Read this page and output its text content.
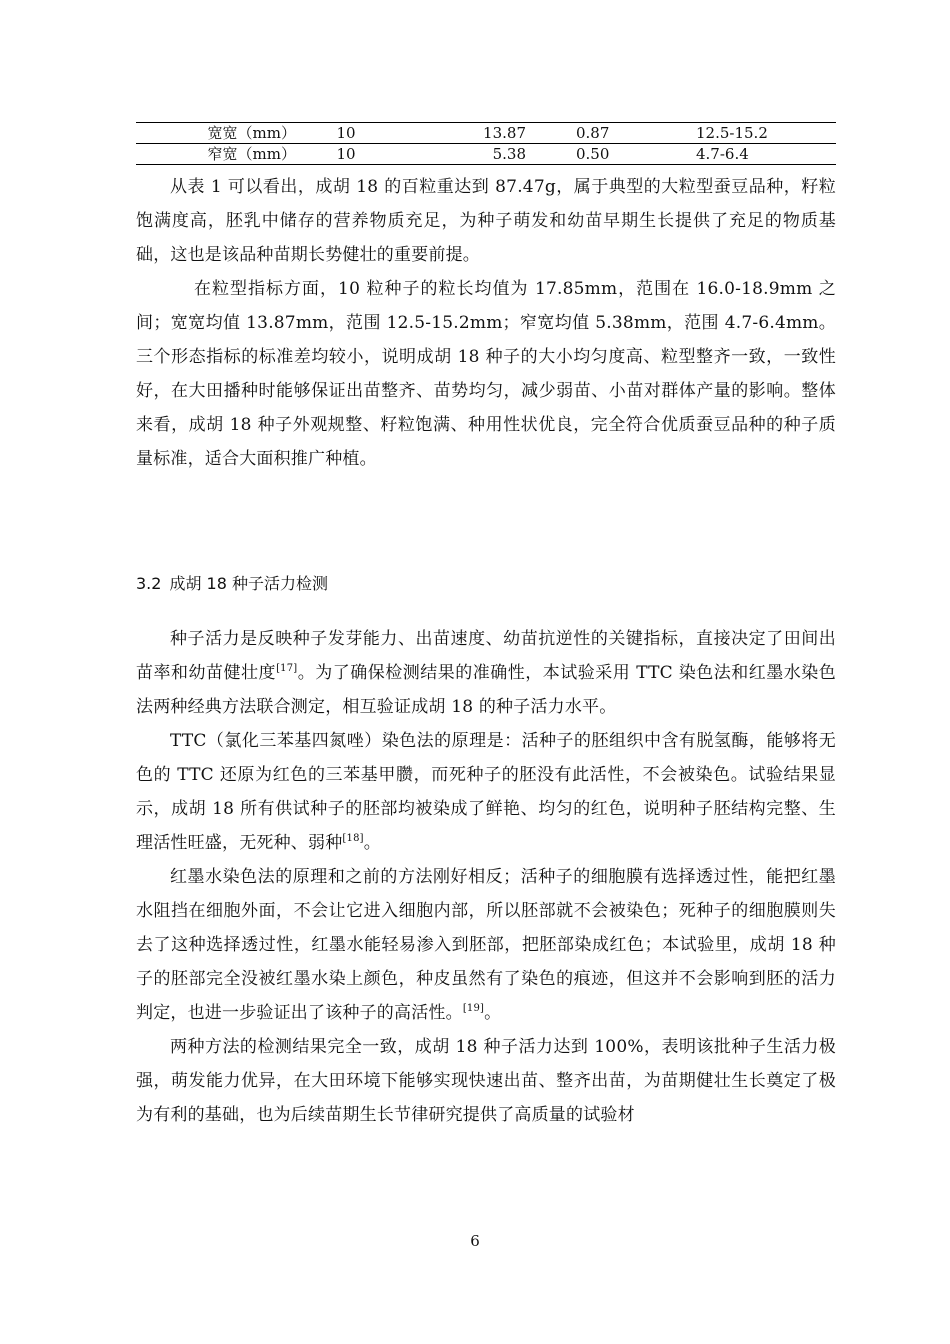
宽宽（mm）	10	13.87	0.87	12.5-15.2
窄宽（mm）	10	5.38	0.50	4.7-6.4

从表 1 可以看出，成胡 18 的百粒重达到 87.47g，属于典型的大粒型蚕豆品种，籽粒饱满度高，胚乳中储存的营养物质充足，为种子萌发和幼苗早期生长提供了充足的物质基础，这也是该品种苗期长势健壮的重要前提。

在粒型指标方面，10 粒种子的粒长均值为 17.85mm，范围在 16.0-18.9mm 之间；宽宽均值 13.87mm，范围 12.5-15.2mm；窄宽均值 5.38mm，范围 4.7-6.4mm。三个形态指标的标准差均较小，说明成胡 18 种子的大小均匀度高、粒型整齐一致，一致性好，在大田播种时能够保证出苗整齐、苗势均匀，减少弱苗、小苗对群体产量的影响。整体来看，成胡 18 种子外观规整、籽粒饱满、种用性状优良，完全符合优质蚕豆品种的种子质量标准，适合大面积推广种植。

3.2 成胡 18 种子活力检测

种子活力是反映种子发芽能力、出苗速度、幼苗抗逆性的关键指标，直接决定了田间出苗率和幼苗健壮度[17]。为了确保检测结果的准确性，本试验采用 TTC 染色法和红墨水染色法两种经典方法联合测定，相互验证成胡 18 的种子活力水平。

TTC（氯化三苯基四氮唑）染色法的原理是：活种子的胚组织中含有脱氢酶，能够将无色的 TTC 还原为红色的三苯基甲臜，而死种子的胚没有此活性，不会被染色。试验结果显示，成胡 18 所有供试种子的胚部均被染成了鲜艳、均匀的红色，说明种子胚结构完整、生理活性旺盛，无死种、弱种[18]。

红墨水染色法的原理和之前的方法刚好相反；活种子的细胞膜有选择透过性，能把红墨水阻挡在细胞外面，不会让它进入细胞内部，所以胚部就不会被染色；死种子的细胞膜则失去了这种选择透过性，红墨水能轻易渗入到胚部，把胚部染成红色；本试验里，成胡 18 种子的胚部完全没被红墨水染上颜色，种皮虽然有了染色的痕迹，但这并不会影响到胚的活力判定，也进一步验证出了该种子的高活性。[19]。

两种方法的检测结果完全一致，成胡 18 种子活力达到 100%，表明该批种子生活力极强，萌发能力优异，在大田环境下能够实现快速出苗、整齐出苗，为苗期健壮生长奠定了极为有利的基础，也为后续苗期生长节律研究提供了高质量的试验材

6
